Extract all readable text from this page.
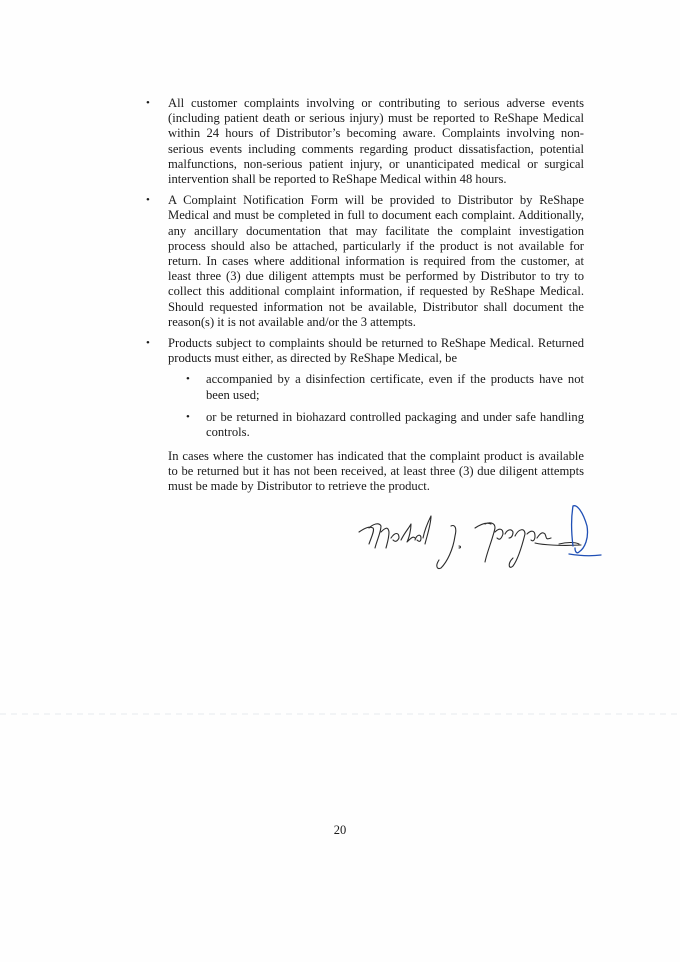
• All customer complaints involving or contributing to serious adverse events (including patient death or serious injury) must be reported to ReShape Medical within 24 hours of Distributor’s becoming aware. Complaints involving non-serious events including comments regarding product dissatisfaction, potential malfunctions, non-serious patient injury, or unanticipated medical or surgical intervention shall be reported to ReShape Medical within 48 hours.
• A Complaint Notification Form will be provided to Distributor by ReShape Medical and must be completed in full to document each complaint. Additionally, any ancillary documentation that may facilitate the complaint investigation process should also be attached, particularly if the product is not available for return. In cases where additional information is required from the customer, at least three (3) due diligent attempts must be performed by Distributor to try to collect this additional complaint information, if requested by ReShape Medical. Should requested information not be available, Distributor shall document the reason(s) it is not available and/or the 3 attempts.
• Products subject to complaints should be returned to ReShape Medical. Returned products must either, as directed by ReShape Medical, be
• accompanied by a disinfection certificate, even if the products have not been used;
• or be returned in biohazard controlled packaging and under safe handling controls.

In cases where the customer has indicated that the complaint product is available to be returned but it has not been received, at least three (3) due diligent attempts must be made by Distributor to retrieve the product.

20
